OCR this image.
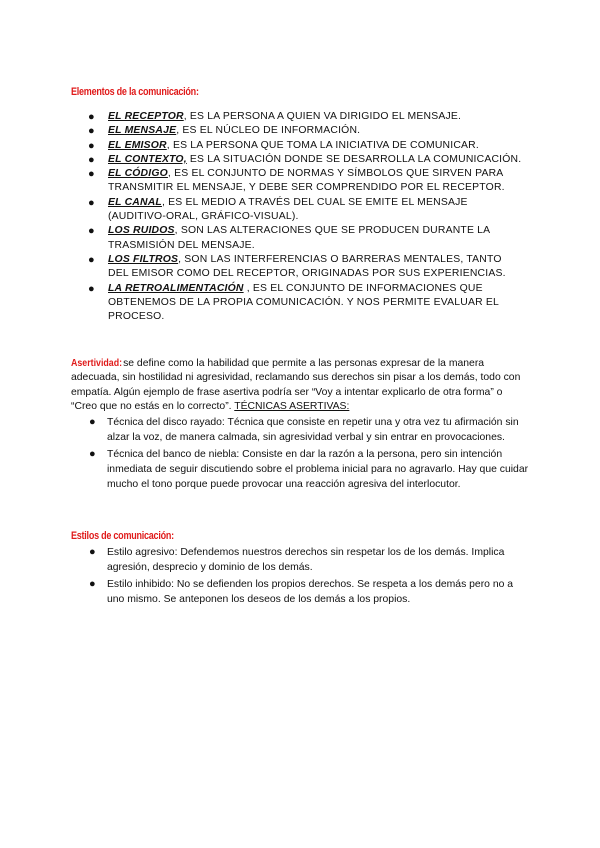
Elementos de la comunicación:
● EL RECEPTOR, ES LA PERSONA A QUIEN VA DIRIGIDO EL MENSAJE.
● EL MENSAJE, ES EL NÚCLEO DE INFORMACIÓN.
● EL EMISOR, ES LA PERSONA QUE TOMA LA INICIATIVA DE COMUNICAR.
● EL CONTEXTO, ES LA SITUACIÓN DONDE SE DESARROLLA LA COMUNICACIÓN.
● EL CÓDIGO, ES EL CONJUNTO DE NORMAS Y SÍMBOLOS QUE SIRVEN PARA TRANSMITIR EL MENSAJE, Y DEBE SER COMPRENDIDO POR EL RECEPTOR.
● EL CANAL, ES EL MEDIO A TRAVÉS DEL CUAL SE EMITE EL MENSAJE (AUDITIVO-ORAL, GRÁFICO-VISUAL).
● LOS RUIDOS, SON LAS ALTERACIONES QUE SE PRODUCEN DURANTE LA TRASMISIÓN DEL MENSAJE.
● LOS FILTROS, SON LAS INTERFERENCIAS O BARRERAS MENTALES, TANTO DEL EMISOR COMO DEL RECEPTOR, ORIGINADAS POR SUS EXPERIENCIAS.
● LA RETROALIMENTACIÓN , ES EL CONJUNTO DE INFORMACIONES QUE OBTENEMOS DE LA PROPIA COMUNICACIÓN. Y NOS PERMITE EVALUAR EL PROCESO.
Asertividad:se define como la habilidad que permite a las personas expresar de la manera adecuada, sin hostilidad ni agresividad, reclamando sus derechos sin pisar a los demás, todo con empatía. Algún ejemplo de frase asertiva podría ser “Voy a intentar explicarlo de otra forma” o “Creo que no estás en lo correcto”. TÉCNICAS ASERTIVAS:
● Técnica del disco rayado: Técnica que consiste en repetir una y otra vez tu afirmación sin alzar la voz, de manera calmada, sin agresividad verbal y sin entrar en provocaciones.
● Técnica del banco de niebla: Consiste en dar la razón a la persona, pero sin intención inmediata de seguir discutiendo sobre el problema inicial para no agravarlo. Hay que cuidar mucho el tono porque puede provocar una reacción agresiva del interlocutor.
Estilos de comunicación:
● Estilo agresivo: Defendemos nuestros derechos sin respetar los de los demás. Implica agresión, desprecio y dominio de los demás.
● Estilo inhibido: No se defienden los propios derechos. Se respeta a los demás pero no a uno mismo. Se anteponen los deseos de los demás a los propios.
